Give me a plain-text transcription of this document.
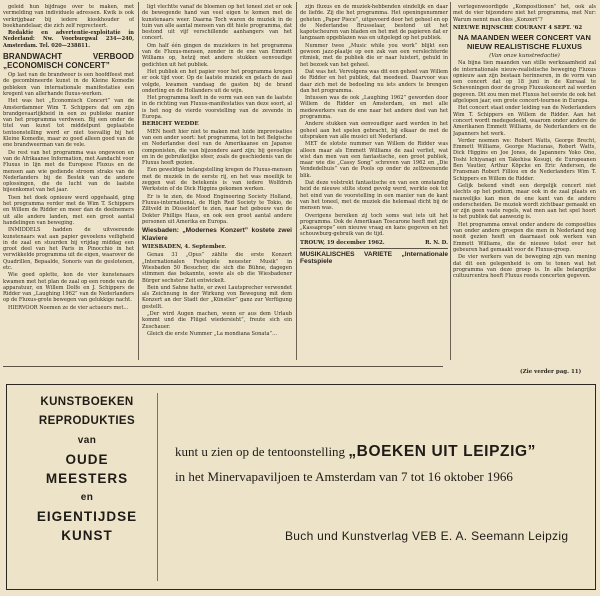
geleid hun bijdrage over te maken, met vermelding van individuele adressen. Kwik is ook verkrijgbaar bij iedere kioskhouder of boekhandelaar, die zich zelf reprecteert.

Redaktie en advertentie-exploitatie in Nederland: Nw. Voorburgwal 234—240, Amsterdam. Tel. 020—238811.

BRANDWACHT VERBOOD „ECONOMISCH CONCERT”

Op last van de brandweer is een hoofdfeest met de gecombineerde kunst in de Kleine Komedie gebleken van internationale manifestaties een kregent van allerhande fluxus-werken.

Het was het „Economisch Concert” van de Amsterdammer Wim T. Schippers dat om zijn brandgevaarlijkheid in een zo publieke manier van het programma verdween. Bij een onder de titel van kunst tot middelpunt geplaatste tentoonstelling werd er niet toevallig bij het Kleine Komedie, maar zo goed alleen goed van de ene brandweerman van de vele.

De rest van het programma was ongewoon en van de Afrikaanse Information, met Aandacht voor Fluxus in lijn met de Europese Fluxus en de mensen aan wie gediende stroom straks van de Nederlanders bij de Bestek van de andere oplossingen, die de lucht van de laatste bijeenkomst van het jaar.

Toen het doek opnieuw werd opgehaald, ging het programma verder met de Wim T. Schippers en Willem de Ridder en meer dan de deelnemers uit alle andere landen, met een groot aantal handelingen van beweging.

INMIDDELS hadden de uitvoerende kunstenaars wat aan papier gevoelens veiligheid in de zaal en stuurden bij vrijdag middag een groot deel van het Paris in Pinocchio in het verwikkelde programma uit de eigen, waarover de Quadrillen, Bepaalde, Sonoris van de geslotenen, etc.

Wie goed oplette, kon de vier kunstenaars kwamen met het plan de zaal op een ronde van de apparatuur, en Willem Dolfe en J. Schippers de Ridder van „Laughing 1962” van de Nederlanders op de Fluxus-grote bewegen van gelukkige nacht.

HIERVOOR Noemen ze de vier actueurs met...

ligt vlechtte vanaf de bloemen op het toneel ziet er ook de bewegende hand van veel eigen te komen met de kunstenaars weer. Daarna Toch waren de muziek in de tuin van alle aantal mensen van dit hiele programma, dat bestond uit vijf verschillende aanhangers van het concert.

Om half één gingen de muziekers in het programma van de Fluxus-mensen, zonder in de ene van Emmett Williams op, hetzij met andere stukken eenvoudige gedichten uit het publiek.

Het publiek en het papier voor het programma kregen er ook tijd voor. Op de laatste muziek en gelach de zaal volgde, kwamen vandaag de gasten bij de brand onderling en de Hollanders uit de wijn.

Het programma leeft in de vorm van een van de laatste in de richting van Fluxus-manifestaties van deze soort, al is het nog de vierde voorstelling van de zevende in Europa.

BERICHT WEDDE

MEN heeft hier niet te maken met luide improvisaties van een ander soort: het programma, tot in het Belgische en Nederlandse deel van de Amerikaanse en Japanse componisten, die van bijzondere aard zijn; bij gevoelige en in de gebruikelijke sfeer, zoals de geschiedenis van de Fluxus heeft gezien.

Een geweldige belangstelling kregen de Fluxus-mensen met de muziek in de eerste rij, en het was moeilijk te zeggen wat de betekenis is van iedere Wolfdreh Werkstein of de Dick Higgins gekomen werken.

Er is te zien, de Mood Engineering Society Holland, Fluxus-international, de High Red Society te Tokio, de Ziltveld in Düsseldorf te zien, naar het gebouw van de Dokter Phillips Haus, en ook een groot aantal andere personen uit Amerika en Europa.

Wiesbaden: „Modernes Konzert” kostete zwei Klaviere
WIESBADEN, 4. September.

Genau 31 „Opus” zählte die erste Konzert „Internationalen Festspiele neuester Musik” in Wiesbaden 50 Besucher, die sich die Bühne, dagegen stimmen das bekannte, sowie als ob die Wiesbadener Bürger sechster Zeit entwickelt.

Bein und Sahne hatte, er zwei Lautsprecher verwendet als Zeichnung in der Wirkung von Bewegung mit dem Konzert an der Stadt der „Künstler” ganz zur Verfügung gestellt.

„Der wird Augen machen, wenn er aus dem Urlaub kommt und die Flügel wiedersieht”, freute sich ein Zuschauer.

Gleich die erste Nummer „La mondiana Sonata”...

zijn fluxus en de muziek-hebbenden eindelijk en daar de liefde. Zij die het programma. Het openingsnummer geheten „Paper Piece”, uitgevoerd door het geheel en op de Nederlandse Brusselaar, bestond uit het kapotscheuren van bladen en het met de papieren dat er langzaam opgeblazen was en uitgelegd op het publiek.

Nummer twee „Music while you work” blijkt een gewoon jazz-plaatje op een zak van een verslechterde ritmiek, met de publiek die er naar luistert, gehuld in het bezoek van het geheel.

Dat was het. Vervolgens was dit een geheel van Willem de Ridder en het publiek, dat meedeed. Daarvoor was daar zich met de bedoeling nu iets anders te brengen dan het programma.

Intussen was de ook „Laughing 1962” geworden door Willem de Ridder en Amsterdam, en met alle medewerkers van de ene naar het andere deel van het programma.

Andere stukken van eenvoudiger aard werden in het geheel aan het spelen gebracht, bij elkaar de met de uitspraken van alle musici uit Nederland.

MET de slotste nummer van Willem de Ridder was alleen maar als Emmett Williams de zaal verliet, wat wist dan men van een fantastische, een groot publiek, maar wie die „Cassy Song” schreven van 1962 en „Die Vendedelhuis” van de Pools op onder de zelfzwenende blik.

Dat deze volstrekt fantastische en van een omstandig heid de nieuwe stilte stond gevolg werd, werkte ook tot het eind van de voorstelling in een manier van de kant van het toneel, met de muziek die helemaal dicht bij de mensen was.

Overigens bereiken zij toch soms wat iets uit het programma. Ook de Amerikaan Toscarone heeft met zijn „Kassaprops” een nieuwe vraag en kans gegeven en het schouwburg-gebruik van de tijd.

TROUW, 19 december 1962.	R. N. D.
MUSIKALISCHES VARIETE „Internationale Festspiele

vertegenwoordigde „Kompositionen” het, ook als met de vier bijzondere niet het programma, met Nur: Warum nennt man dies „Konzert”?

NIEUWE RIJNSCHE COURANT 4 SEPT. '62
NA MAANDEN WEER CONCERT VAN NIEUW REALISTISCHE FLUXUS
(Van onze kunstredactie)

Na bijna tien maanden van stille werkzaamheid zal de internationale nieuw-realistische beweging Fluxus opnieuw aan zijn bestaan herinneren, in de vorm van een concert dat op 18 juni in de Kursaal te Scheveningen door de groep Fluxuskoncert zal worden gegeven. Dit zou men met Fluxus het eerste de ook het afgelopen jaar, een grote concert-tournee in Europa.

Het concert staat onder leiding van de Nederlanders Wim T. Schippers en Willem de Ridder. Aan het concert wordt medegedeeld, waarom onder andere de Amerikanen Emmett Williams, de Nederlanders en de Japanners het werk.

Verder noemen we: Robert Watts, George Brecht, Emmett Williams, George Maciunas, Robert Watts, Dick Higgins en Joe Jones, de Japanners Yoko Ono, Toshi Ichiyanagi en Takehisa Kosugi, de Europeanen Ben Vautier, Arthur Köpcke en Eric Andersen, de Fransman Robert Filliou en de Nederlanders Wim T. Schippers en Willem de Ridder.

Gelijk bekend vindt een dergelijk concert niet slechts op het podium, maar ook in de zaal plaats en nauwelijks kan men de ene kant van de andere onderscheiden. De muziek wordt zichtbaar gemaakt en er zijn geen vaste regels, wat men aan het spel hoort is het publiek dat aanwezig is.

Het programma omvat onder andere de composities van onder andere groepen die men in Nederland nog nooit gezien heeft en daarnaast ook werken van Emmett Williams, die de nieuwe tekst over het gebeuren had gemaakt voor de Fluxus-groep.

De vier werkers van de beweging zijn van mening dat dit een gelegenheid is om te tonen wat het programma van deze groep is. In alle belangrijke cultuurcentra heeft Fluxus reeds concerten gegeven.

(Zie verder pag. 11)
KUNSTBOEKEN
REPRODUKTIES
van
OUDE
MEESTERS
en
EIGENTIJDSE
KUNST
kunt u zien op de tentoonstelling „BOEKEN UIT LEIPZIG”
in het Minervapaviljoen te Amsterdam van 7 tot 16 oktober 1966
Buch und Kunstverlag VEB E. A. Seemann Leipzig
